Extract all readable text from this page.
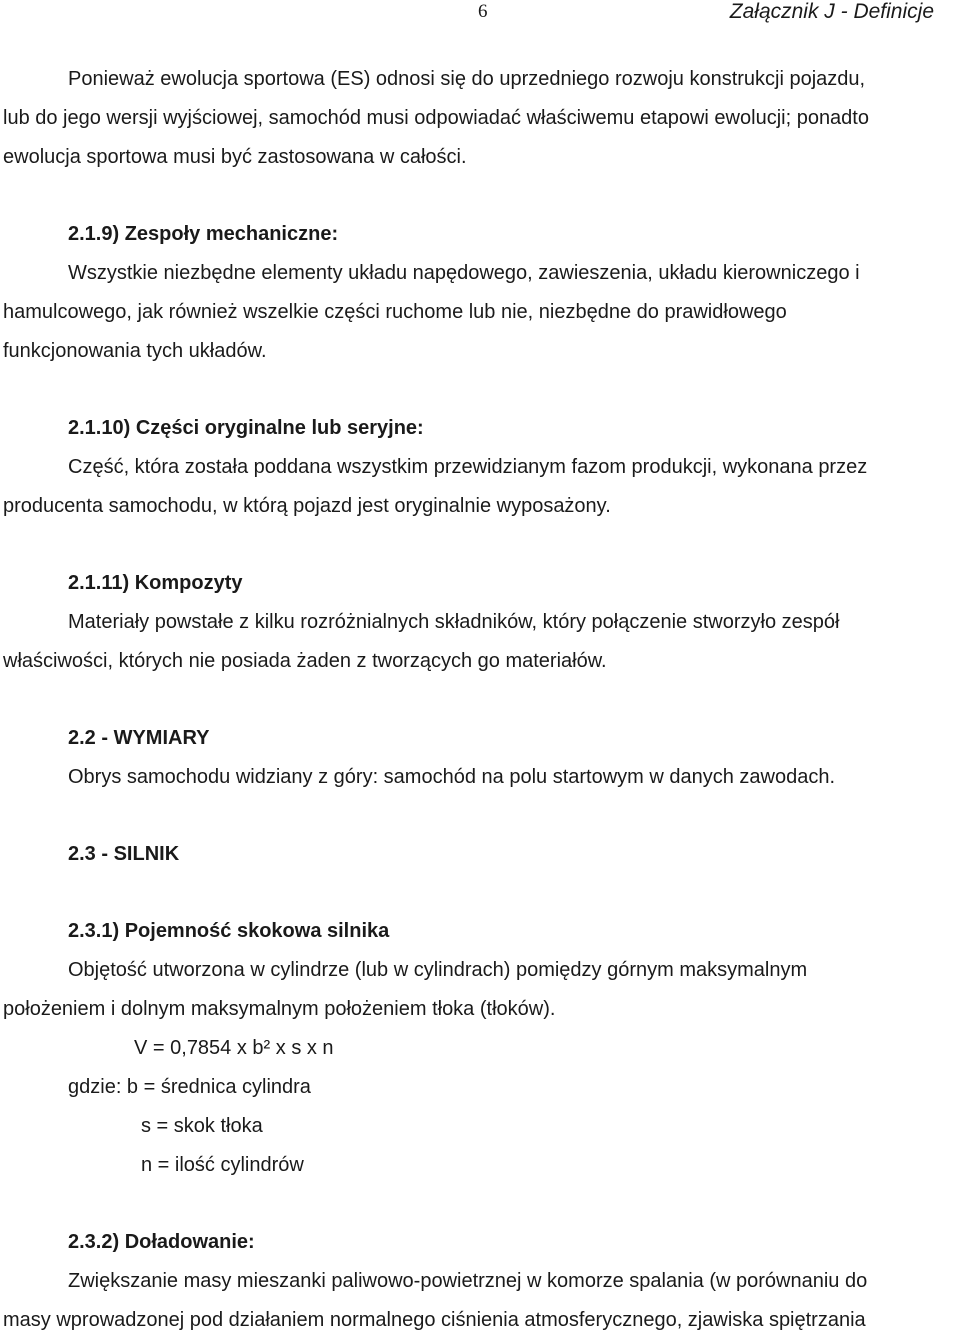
6	Załącznik J - Definicje

Ponieważ ewolucja sportowa (ES) odnosi się do uprzedniego rozwoju konstrukcji pojazdu,

lub do jego wersji wyjściowej, samochód musi odpowiadać właściwemu etapowi ewolucji; ponadto

ewolucja sportowa musi być zastosowana w całości.

2.1.9) Zespoły mechaniczne:

Wszystkie niezbędne elementy układu napędowego, zawieszenia, układu kierowniczego i

hamulcowego, jak również wszelkie części ruchome lub nie, niezbędne do prawidłowego

funkcjonowania tych układów.

2.1.10) Części oryginalne lub seryjne:

Część, która została poddana wszystkim przewidzianym fazom produkcji, wykonana przez

producenta samochodu, w którą pojazd jest oryginalnie wyposażony.

2.1.11) Kompozyty

Materiały powstałe z kilku rozróżnialnych składników, który połączenie stworzyło zespół

właściwości, których nie posiada żaden z tworzących go materiałów.

2.2 - WYMIARY

Obrys samochodu widziany z góry: samochód na polu startowym w danych zawodach.

2.3 - SILNIK

2.3.1) Pojemność skokowa silnika

Objętość utworzona w cylindrze (lub w cylindrach) pomiędzy górnym maksymalnym

położeniem i dolnym maksymalnym położeniem tłoka (tłoków).

V = 0,7854 x b² x s x n

gdzie: b = średnica cylindra

s = skok tłoka

n = ilość cylindrów

2.3.2) Doładowanie:

Zwiększanie masy mieszanki paliwowo-powietrznej w komorze spalania (w porównaniu do

masy wprowadzonej pod działaniem normalnego ciśnienia atmosferycznego, zjawiska spiętrzania
